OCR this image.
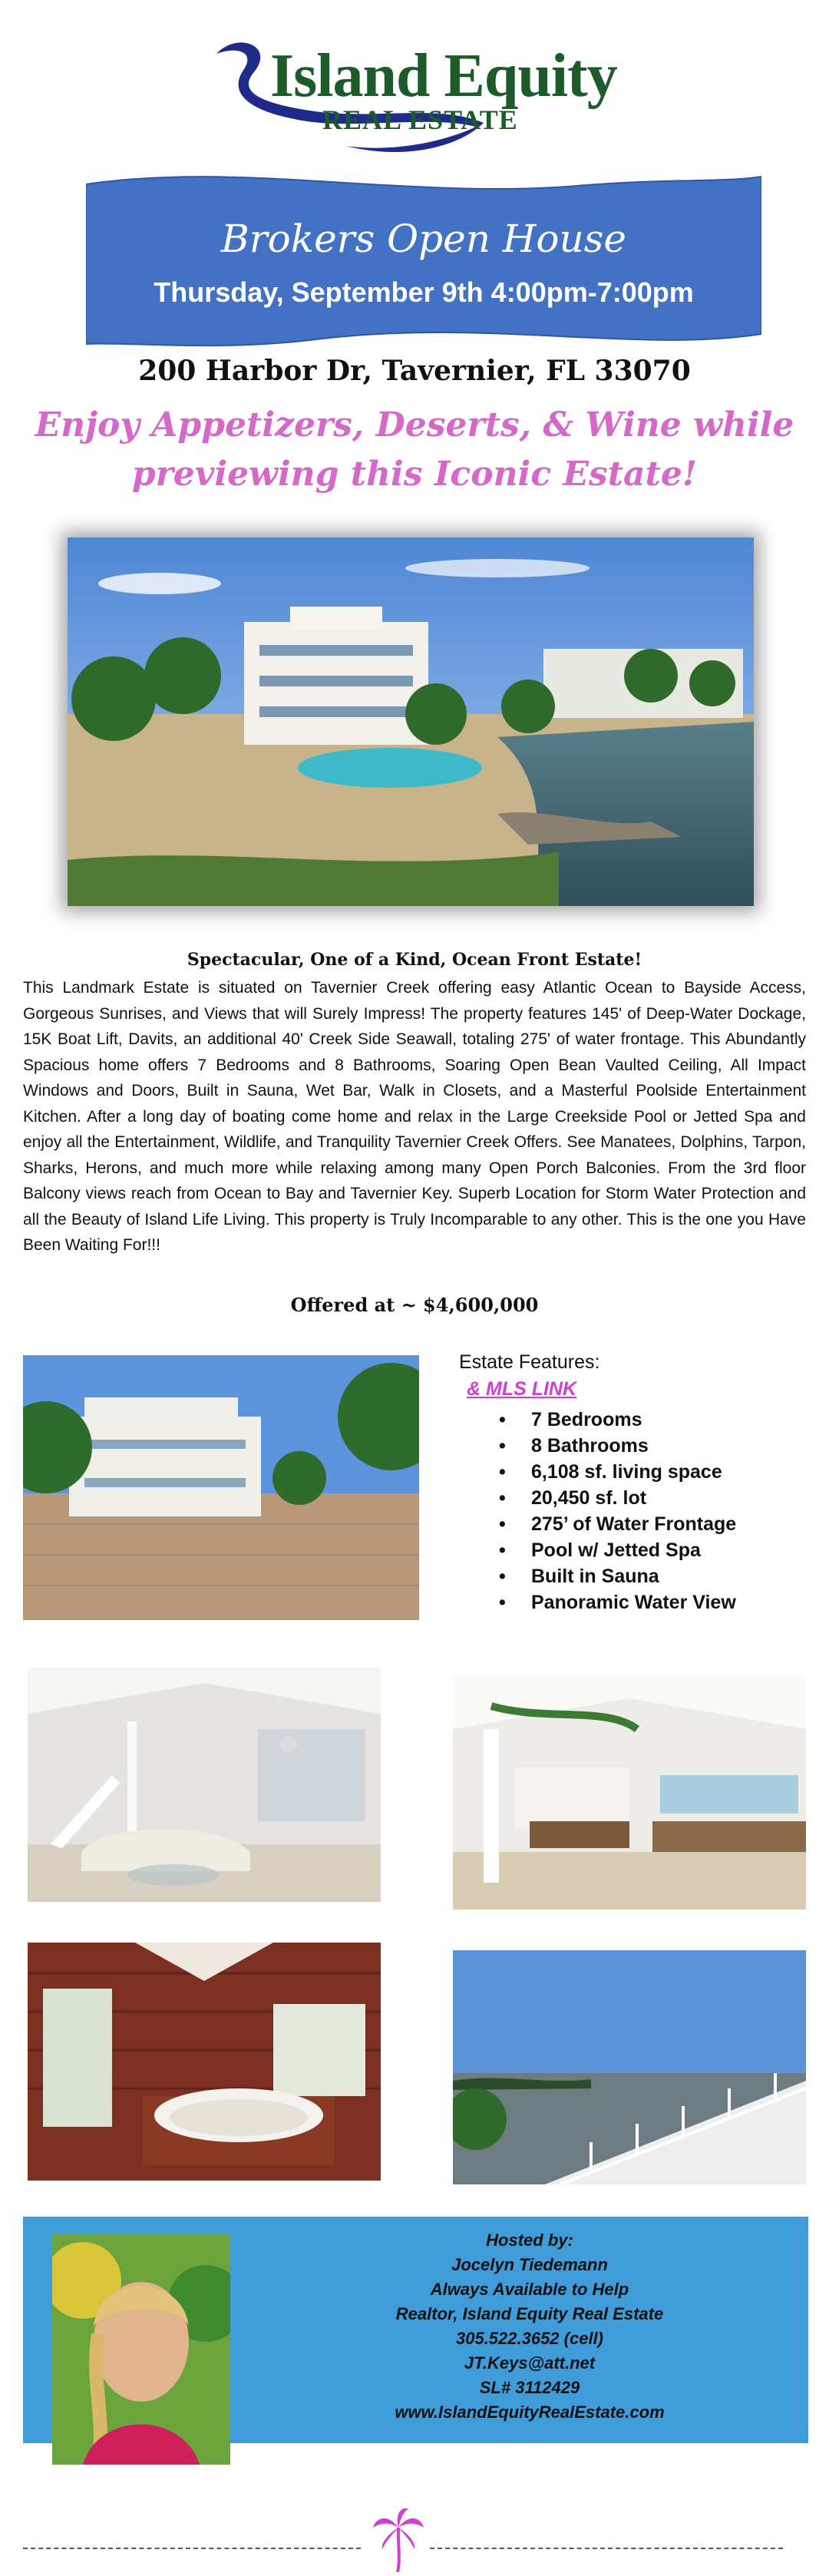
Island Equity
REAL ESTATE
Brokers Open House
Thursday, September 9th 4:00pm-7:00pm
200 Harbor Dr, Tavernier, FL 33070
Enjoy Appetizers, Deserts, & Wine while previewing this Iconic Estate!
Spectacular, One of a Kind, Ocean Front Estate!
This Landmark Estate is situated on Tavernier Creek offering easy Atlantic Ocean to Bayside Access, Gorgeous Sunrises, and Views that will Surely Impress! The property features 145' of Deep-Water Dockage, 15K Boat Lift, Davits, an additional 40' Creek Side Seawall, totaling 275' of water frontage. This Abundantly Spacious home offers 7 Bedrooms and 8 Bathrooms, Soaring Open Bean Vaulted Ceiling, All Impact Windows and Doors, Built in Sauna, Wet Bar, Walk in Closets, and a Masterful Poolside Entertainment Kitchen. After a long day of boating come home and relax in the Large Creekside Pool or Jetted Spa and enjoy all the Entertainment, Wildlife, and Tranquility Tavernier Creek Offers. See Manatees, Dolphins, Tarpon, Sharks, Herons, and much more while relaxing among many Open Porch Balconies. From the 3rd floor Balcony views reach from Ocean to Bay and Tavernier Key. Superb Location for Storm Water Protection and all the Beauty of Island Life Living. This property is Truly Incomparable to any other. This is the one you Have Been Waiting For!!!
Offered at ~ $4,600,000
Estate Features:
& MLS LINK
• 7 Bedrooms
• 8 Bathrooms
• 6,108 sf. living space
• 20,450 sf. lot
• 275’ of Water Frontage
• Pool w/ Jetted Spa
• Built in Sauna
• Panoramic Water View
Hosted by:
Jocelyn Tiedemann
Always Available to Help
Realtor, Island Equity Real Estate
305.522.3652 (cell)
JT.Keys@att.net
SL# 3112429
www.IslandEquityRealEstate.com
